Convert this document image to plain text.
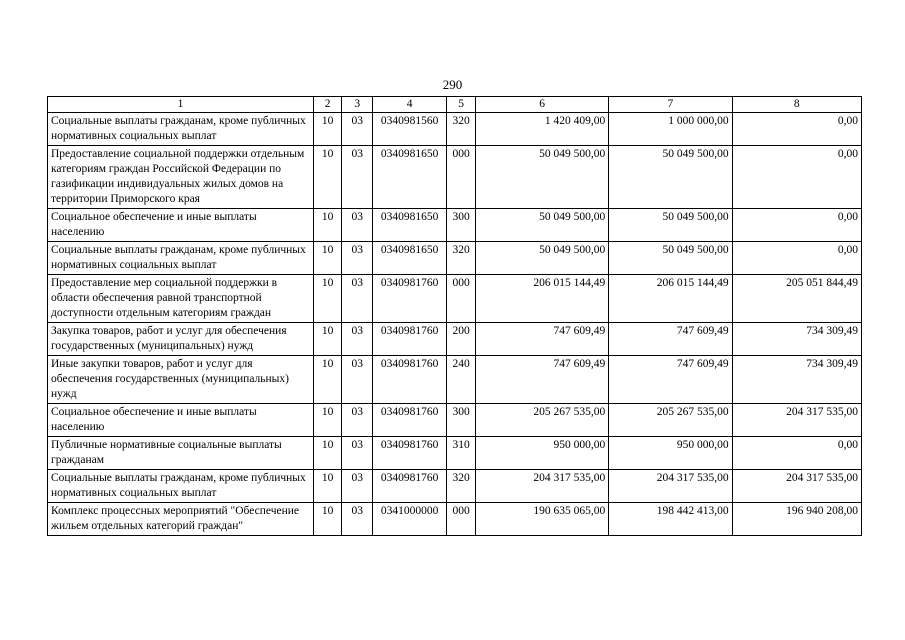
290
1	2	3	4	5	6	7	8
Социальные выплаты гражданам, кроме публичных нормативных социальных выплат	10	03	0340981560	320	1 420 409,00	1 000 000,00	0,00
Предоставление социальной поддержки отдельным категориям граждан Российской Федерации по газификации индивидуальных жилых домов на территории Приморского края	10	03	0340981650	000	50 049 500,00	50 049 500,00	0,00
Социальное обеспечение и иные выплаты населению	10	03	0340981650	300	50 049 500,00	50 049 500,00	0,00
Социальные выплаты гражданам, кроме публичных нормативных социальных выплат	10	03	0340981650	320	50 049 500,00	50 049 500,00	0,00
Предоставление мер социальной поддержки в области обеспечения равной транспортной доступности отдельным категориям граждан	10	03	0340981760	000	206 015 144,49	206 015 144,49	205 051 844,49
Закупка товаров, работ и услуг для обеспечения государственных (муниципальных) нужд	10	03	0340981760	200	747 609,49	747 609,49	734 309,49
Иные закупки товаров, работ и услуг для обеспечения государственных (муниципальных) нужд	10	03	0340981760	240	747 609,49	747 609,49	734 309,49
Социальное обеспечение и иные выплаты населению	10	03	0340981760	300	205 267 535,00	205 267 535,00	204 317 535,00
Публичные нормативные социальные выплаты гражданам	10	03	0340981760	310	950 000,00	950 000,00	0,00
Социальные выплаты гражданам, кроме публичных нормативных социальных выплат	10	03	0340981760	320	204 317 535,00	204 317 535,00	204 317 535,00
Комплекс процессных мероприятий "Обеспечение жильем отдельных категорий граждан"	10	03	0341000000	000	190 635 065,00	198 442 413,00	196 940 208,00
